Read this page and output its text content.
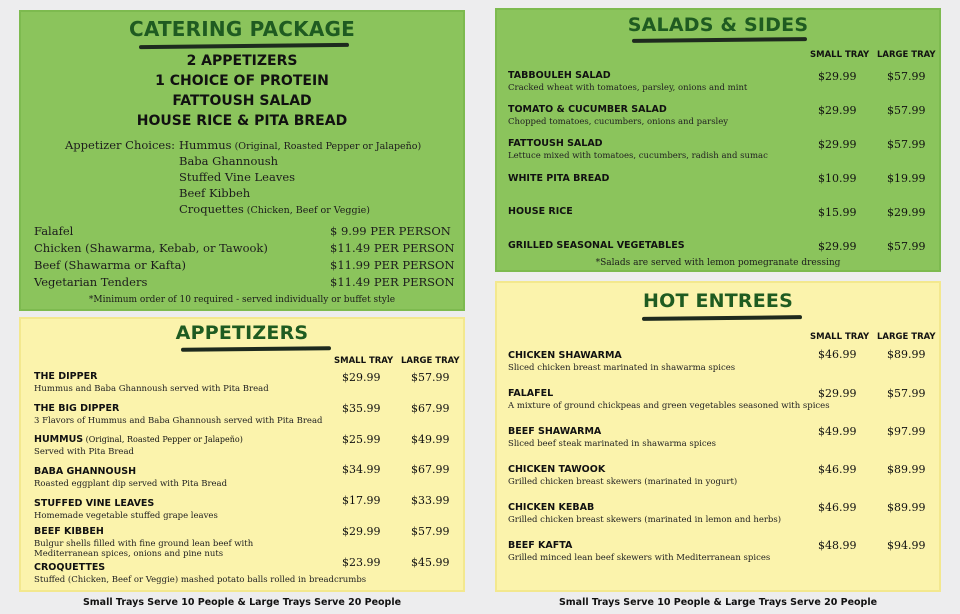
CATERING PACKAGE
2 APPETIZERS
1 CHOICE OF PROTEIN
FATTOUSH SALAD
HOUSE RICE & PITA BREAD
Appetizer Choices: Hummus (Original, Roasted Pepper or Jalapeño)
Baba Ghannoush
Stuffed Vine Leaves
Beef Kibbeh
Croquettes (Chicken, Beef or Veggie)
Falafel	$ 9.99 PER PERSON
Chicken (Shawarma, Kebab, or Tawook)	$11.49 PER PERSON
Beef (Shawarma or Kafta)	$11.99 PER PERSON
Vegetarian Tenders	$11.49 PER PERSON
*Minimum order of 10 required - served individually or buffet style
APPETIZERS
SMALL TRAY LARGE TRAY
THE DIPPER
Hummus and Baba Ghannoush served with Pita Bread
$29.99	$57.99
THE BIG DIPPER
3 Flavors of Hummus and Baba Ghannoush served with Pita Bread
$35.99	$67.99
HUMMUS (Original, Roasted Pepper or Jalapeño)
Served with Pita Bread
$25.99	$49.99
BABA GHANNOUSH
Roasted eggplant dip served with Pita Bread
$34.99	$67.99
STUFFED VINE LEAVES
Homemade vegetable stuffed grape leaves
$17.99	$33.99
BEEF KIBBEH
Bulgur shells filled with fine ground lean beef with
Mediterranean spices, onions and pine nuts
$29.99	$57.99
CROQUETTES
Stuffed (Chicken, Beef or Veggie) mashed potato balls rolled in breadcrumbs
$23.99	$45.99
Small Trays Serve 10 People & Large Trays Serve 20 People
SALADS & SIDES
SMALL TRAY LARGE TRAY
TABBOULEH SALAD
Cracked wheat with tomatoes, parsley, onions and mint
$29.99	$57.99
TOMATO & CUCUMBER SALAD
Chopped tomatoes, cucumbers, onions and parsley
$29.99	$57.99
FATTOUSH SALAD
Lettuce mixed with tomatoes, cucumbers, radish and sumac
$29.99	$57.99
WHITE PITA BREAD	$10.99	$19.99
HOUSE RICE	$15.99	$29.99
GRILLED SEASONAL VEGETABLES	$29.99	$57.99
*Salads are served with lemon pomegranate dressing
HOT ENTREES
SMALL TRAY LARGE TRAY
CHICKEN SHAWARMA
Sliced chicken breast marinated in shawarma spices
$46.99	$89.99
FALAFEL
A mixture of ground chickpeas and green vegetables seasoned with spices
$29.99	$57.99
BEEF SHAWARMA
Sliced beef steak marinated in shawarma spices
$49.99	$97.99
CHICKEN TAWOOK
Grilled chicken breast skewers (marinated in yogurt)
$46.99	$89.99
CHICKEN KEBAB
Grilled chicken breast skewers (marinated in lemon and herbs)
$46.99	$89.99
BEEF KAFTA
Grilled minced lean beef skewers with Mediterranean spices
$48.99	$94.99
Small Trays Serve 10 People & Large Trays Serve 20 People
